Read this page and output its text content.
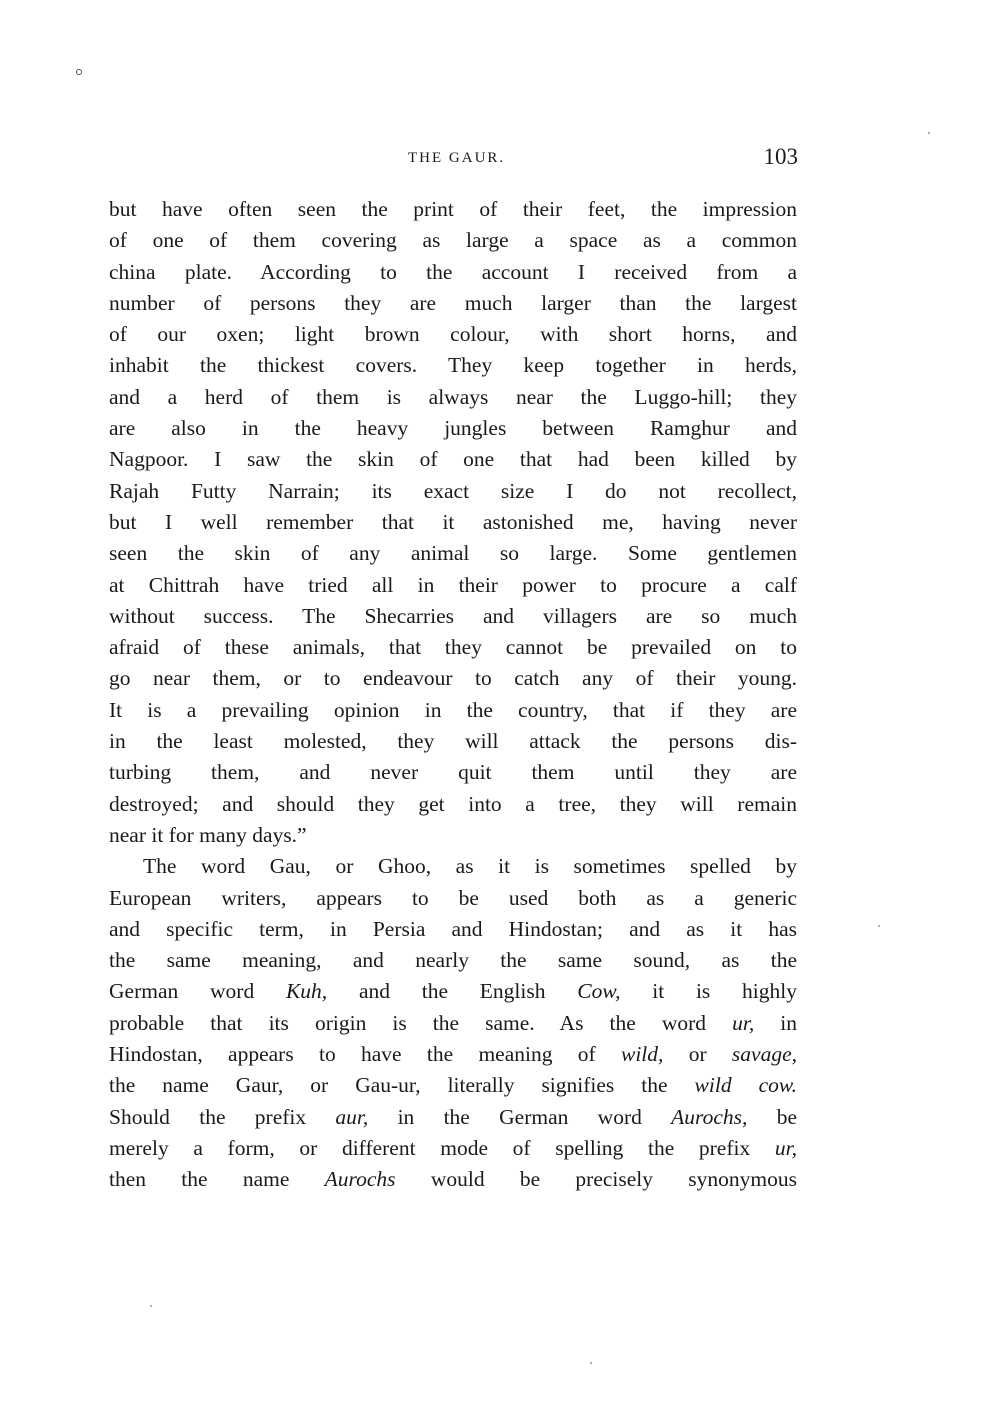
THE GAUR.	103
but have often seen the print of their feet, the impression
of one of them covering as large a space as a common
china plate. According to the account I received from a
number of persons they are much larger than the largest
of our oxen; light brown colour, with short horns, and
inhabit the thickest covers. They keep together in herds,
and a herd of them is always near the Luggo-hill; they
are also in the heavy jungles between Ramghur and
Nagpoor. I saw the skin of one that had been killed by
Rajah Futty Narrain; its exact size I do not recollect,
but I well remember that it astonished me, having never
seen the skin of any animal so large. Some gentlemen
at Chittrah have tried all in their power to procure a calf
without success. The Shecarries and villagers are so much
afraid of these animals, that they cannot be prevailed on to
go near them, or to endeavour to catch any of their young.
It is a prevailing opinion in the country, that if they are
in the least molested, they will attack the persons dis-
turbing them, and never quit them until they are
destroyed; and should they get into a tree, they will remain
near it for many days.”
The word Gau, or Ghoo, as it is sometimes spelled by
European writers, appears to be used both as a generic
and specific term, in Persia and Hindostan; and as it has
the same meaning, and nearly the same sound, as the
German word Kuh, and the English Cow, it is highly
probable that its origin is the same. As the word ur, in
Hindostan, appears to have the meaning of wild, or savage,
the name Gaur, or Gau-ur, literally signifies the wild cow.
Should the prefix aur, in the German word Aurochs, be
merely a form, or different mode of spelling the prefix ur,
then the name Aurochs would be precisely synonymous
